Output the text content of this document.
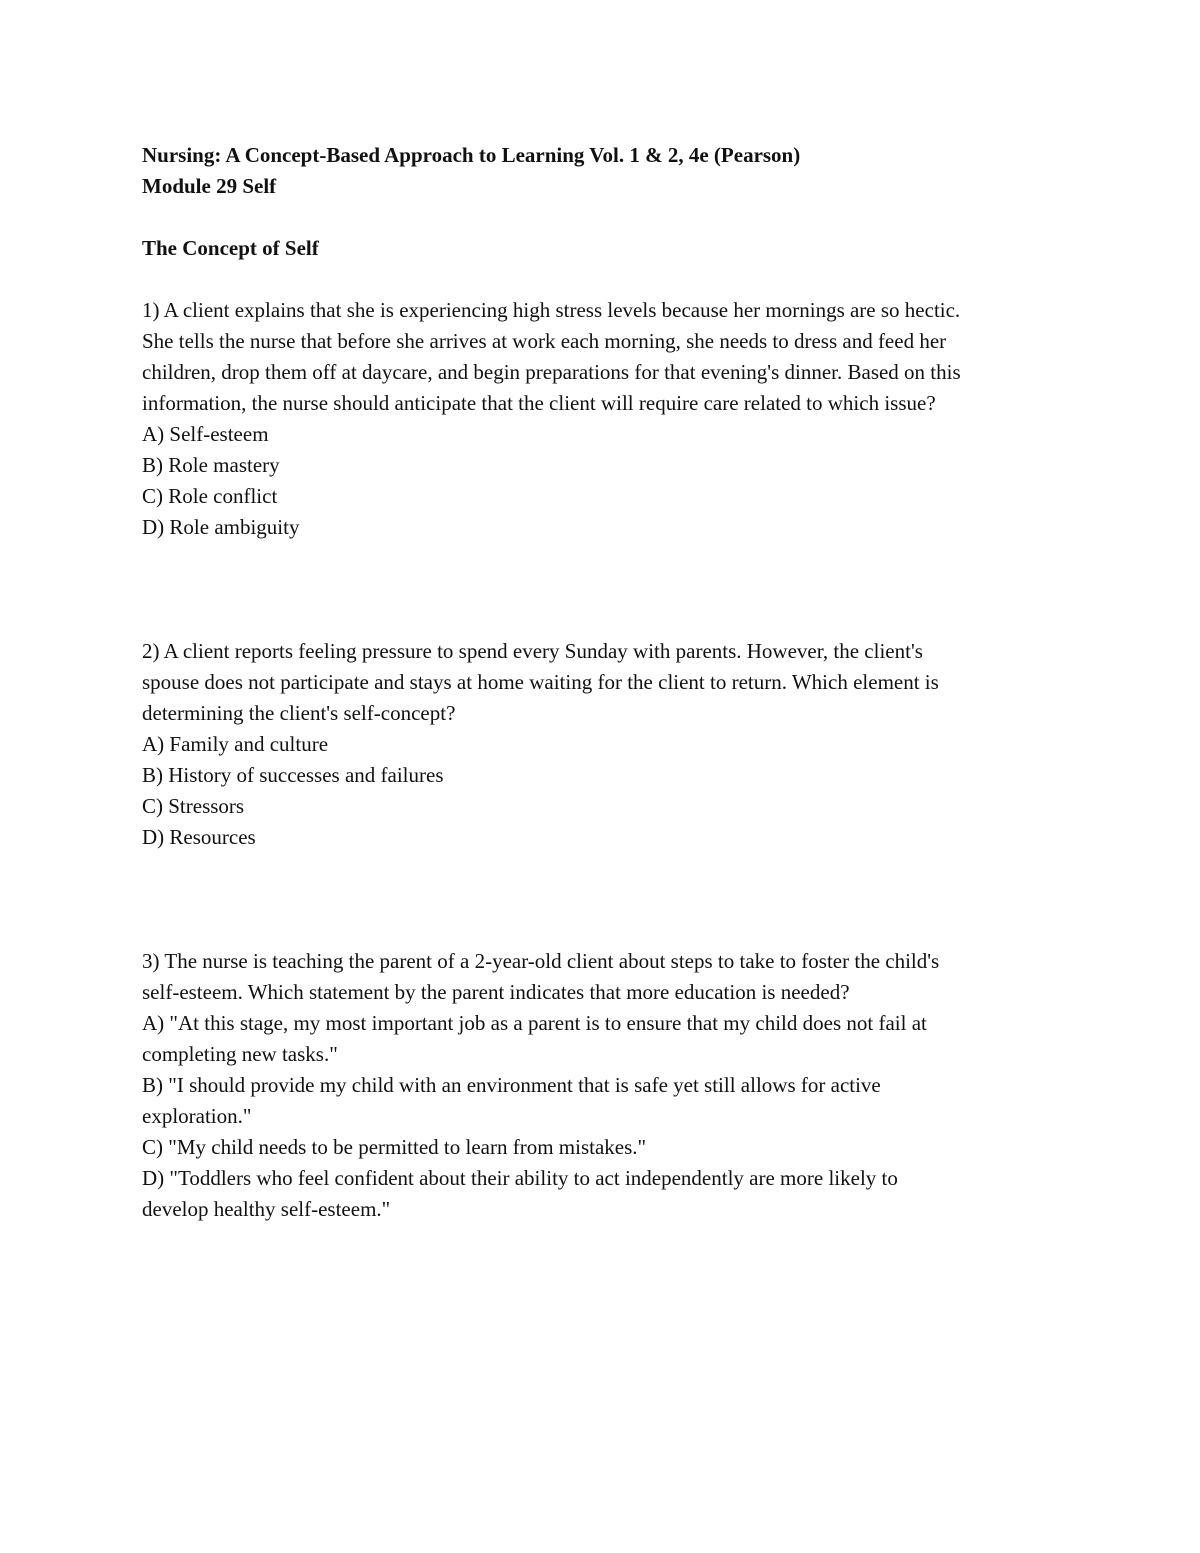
Nursing: A Concept-Based Approach to Learning Vol. 1 & 2, 4e (Pearson)
Module 29 Self
The Concept of Self
1) A client explains that she is experiencing high stress levels because her mornings are so hectic.
She tells the nurse that before she arrives at work each morning, she needs to dress and feed her
children, drop them off at daycare, and begin preparations for that evening's dinner. Based on this
information, the nurse should anticipate that the client will require care related to which issue?
A) Self-esteem
B) Role mastery
C) Role conflict
D) Role ambiguity
2) A client reports feeling pressure to spend every Sunday with parents. However, the client's
spouse does not participate and stays at home waiting for the client to return. Which element is
determining the client's self-concept?
A) Family and culture
B) History of successes and failures
C) Stressors
D) Resources
3) The nurse is teaching the parent of a 2-year-old client about steps to take to foster the child's
self-esteem. Which statement by the parent indicates that more education is needed?
A) "At this stage, my most important job as a parent is to ensure that my child does not fail at
completing new tasks."
B) "I should provide my child with an environment that is safe yet still allows for active
exploration."
C) "My child needs to be permitted to learn from mistakes."
D) "Toddlers who feel confident about their ability to act independently are more likely to
develop healthy self-esteem."
